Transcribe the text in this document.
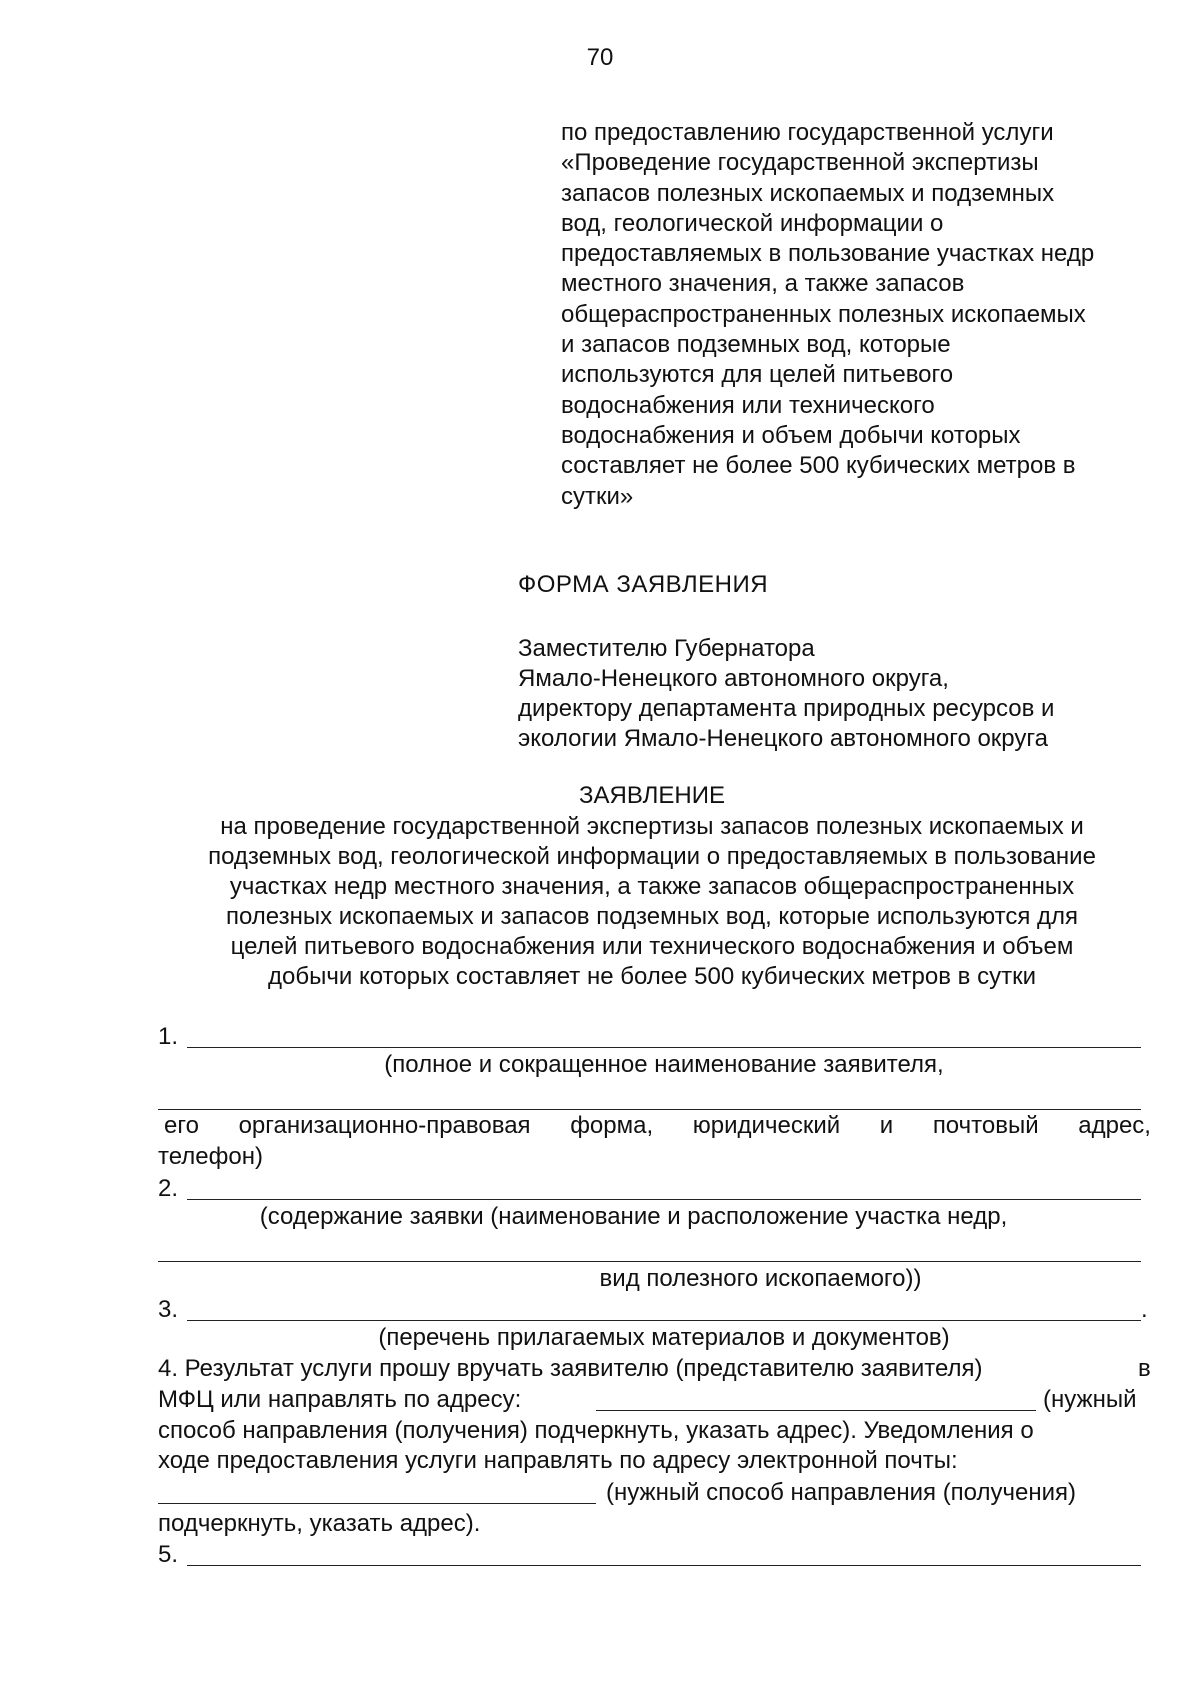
70
по предоставлению государственной услуги
«Проведение государственной экспертизы
запасов полезных ископаемых и подземных
вод, геологической информации о
предоставляемых в пользование участках недр
местного значения, а также запасов
общераспространенных полезных ископаемых
и запасов подземных вод, которые
используются для целей питьевого
водоснабжения или технического
водоснабжения и объем добычи которых
составляет не более 500 кубических метров в
сутки»
ФОРМА ЗАЯВЛЕНИЯ
Заместителю Губернатора
Ямало-Ненецкого автономного округа,
директору департамента природных ресурсов и
экологии Ямало-Ненецкого автономного округа
ЗАЯВЛЕНИЕ
на проведение государственной экспертизы запасов полезных ископаемых и
подземных вод, геологической информации о предоставляемых в пользование
участках недр местного значения, а также запасов общераспространенных
полезных ископаемых и запасов подземных вод, которые используются для
целей питьевого водоснабжения или технического водоснабжения и объем
добычи которых составляет не более 500 кубических метров в сутки
1.
(полное и сокращенное наименование заявителя,
его организационно-правовая форма, юридический и почтовый адрес,
телефон)
2.
(содержание заявки (наименование и расположение участка недр,
вид полезного ископаемого))
3.	.
(перечень прилагаемых материалов и документов)
4. Результат услуги прошу вручать заявителю (представителю заявителя)	в
МФЦ или направлять по адресу:	(нужный
способ направления (получения) подчеркнуть, указать адрес). Уведомления о
ходе предоставления услуги направлять по адресу электронной почты:
(нужный способ направления (получения)
подчеркнуть, указать адрес).
5.
